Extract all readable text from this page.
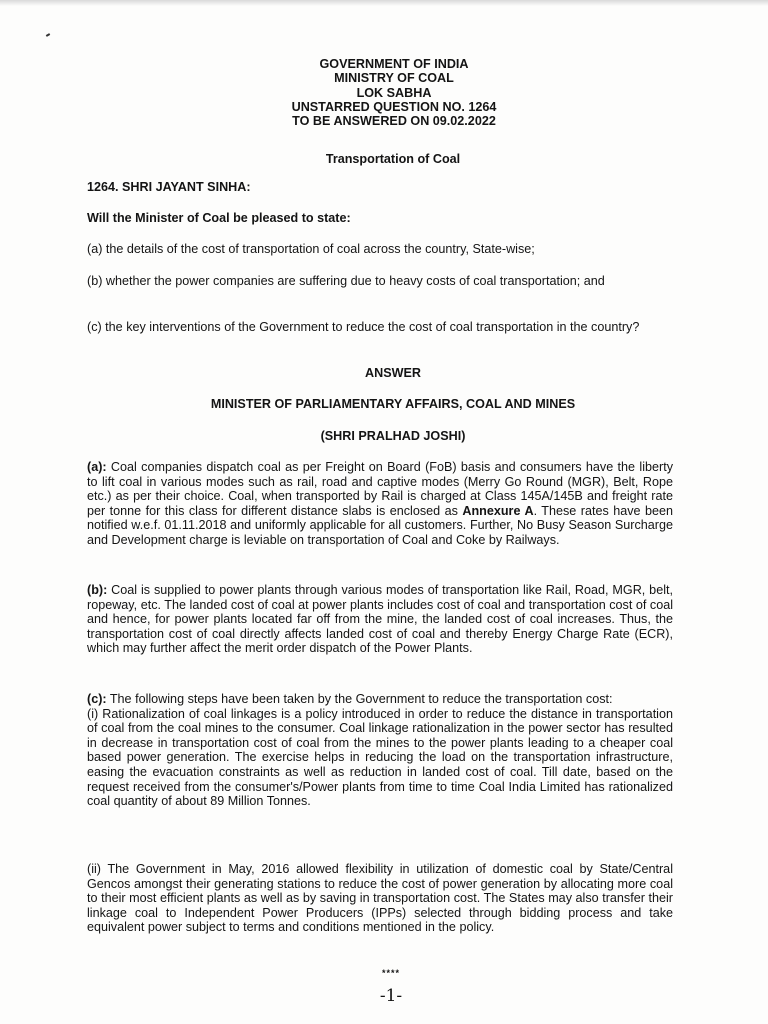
GOVERNMENT OF INDIA
MINISTRY OF COAL
LOK SABHA
UNSTARRED QUESTION NO. 1264
TO BE ANSWERED ON 09.02.2022
Transportation of Coal
1264. SHRI JAYANT SINHA:
Will the Minister of Coal be pleased to state:
(a) the details of the cost of transportation of coal across the country, State-wise;
(b) whether the power companies are suffering due to heavy costs of coal transportation; and
(c) the key interventions of the Government to reduce the cost of coal transportation in the country?
ANSWER
MINISTER OF PARLIAMENTARY AFFAIRS, COAL AND MINES
(SHRI PRALHAD JOSHI)
(a): Coal companies dispatch coal as per Freight on Board (FoB) basis and consumers have the liberty to lift coal in various modes such as rail, road and captive modes (Merry Go Round (MGR), Belt, Rope etc.) as per their choice. Coal, when transported by Rail is charged at Class 145A/145B and freight rate per tonne for this class for different distance slabs is enclosed as Annexure A. These rates have been notified w.e.f. 01.11.2018 and uniformly applicable for all customers. Further, No Busy Season Surcharge and Development charge is leviable on transportation of Coal and Coke by Railways.
(b): Coal is supplied to power plants through various modes of transportation like Rail, Road, MGR, belt, ropeway, etc. The landed cost of coal at power plants includes cost of coal and transportation cost of coal and hence, for power plants located far off from the mine, the landed cost of coal increases. Thus, the transportation cost of coal directly affects landed cost of coal and thereby Energy Charge Rate (ECR), which may further affect the merit order dispatch of the Power Plants.
(c): The following steps have been taken by the Government to reduce the transportation cost:
(i) Rationalization of coal linkages is a policy introduced in order to reduce the distance in transportation of coal from the coal mines to the consumer. Coal linkage rationalization in the power sector has resulted in decrease in transportation cost of coal from the mines to the power plants leading to a cheaper coal based power generation. The exercise helps in reducing the load on the transportation infrastructure, easing the evacuation constraints as well as reduction in landed cost of coal. Till date, based on the request received from the consumer's/Power plants from time to time Coal India Limited has rationalized coal quantity of about 89 Million Tonnes.
(ii) The Government in May, 2016 allowed flexibility in utilization of domestic coal by State/Central Gencos amongst their generating stations to reduce the cost of power generation by allocating more coal to their most efficient plants as well as by saving in transportation cost. The States may also transfer their linkage coal to Independent Power Producers (IPPs) selected through bidding process and take equivalent power subject to terms and conditions mentioned in the policy.
****
-1-
